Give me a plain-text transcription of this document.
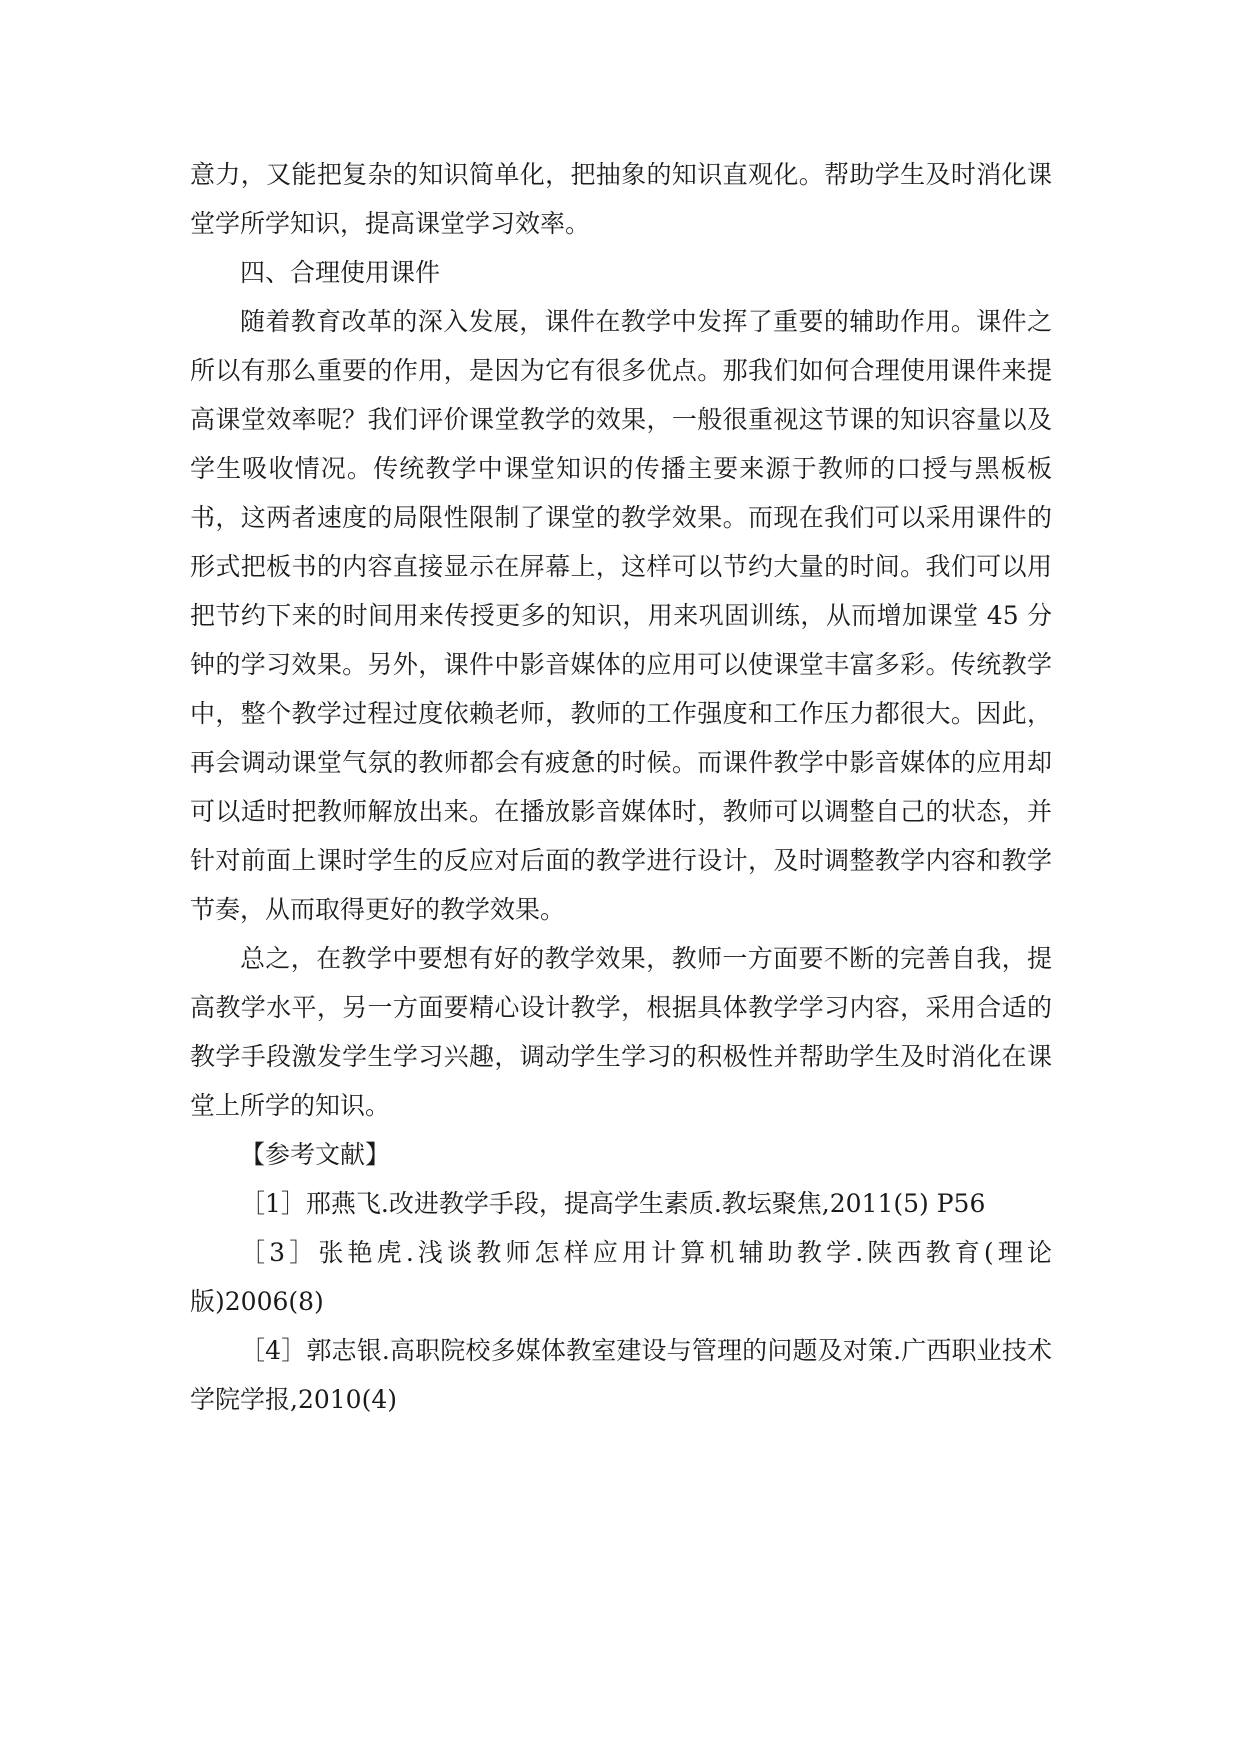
意力，又能把复杂的知识简单化，把抽象的知识直观化。帮助学生及时消化课堂学所学知识，提高课堂学习效率。

四、合理使用课件

随着教育改革的深入发展，课件在教学中发挥了重要的辅助作用。课件之所以有那么重要的作用，是因为它有很多优点。那我们如何合理使用课件来提高课堂效率呢？我们评价课堂教学的效果，一般很重视这节课的知识容量以及学生吸收情况。传统教学中课堂知识的传播主要来源于教师的口授与黑板板书，这两者速度的局限性限制了课堂的教学效果。而现在我们可以采用课件的形式把板书的内容直接显示在屏幕上，这样可以节约大量的时间。我们可以用把节约下来的时间用来传授更多的知识，用来巩固训练，从而增加课堂 45 分钟的学习效果。另外，课件中影音媒体的应用可以使课堂丰富多彩。传统教学中，整个教学过程过度依赖老师，教师的工作强度和工作压力都很大。因此，再会调动课堂气氛的教师都会有疲惫的时候。而课件教学中影音媒体的应用却可以适时把教师解放出来。在播放影音媒体时，教师可以调整自己的状态，并针对前面上课时学生的反应对后面的教学进行设计，及时调整教学内容和教学节奏，从而取得更好的教学效果。

总之，在教学中要想有好的教学效果，教师一方面要不断的完善自我，提高教学水平，另一方面要精心设计教学，根据具体教学学习内容，采用合适的教学手段激发学生学习兴趣，调动学生学习的积极性并帮助学生及时消化在课堂上所学的知识。

【参考文献】

［1］邢燕飞.改进教学手段，提高学生素质.教坛聚焦,2011(5) P56
［3］张艳虎.浅谈教师怎样应用计算机辅助教学.陕西教育(理论版)2006(8)
［4］郭志银.高职院校多媒体教室建设与管理的问题及对策.广西职业技术学院学报,2010(4)
